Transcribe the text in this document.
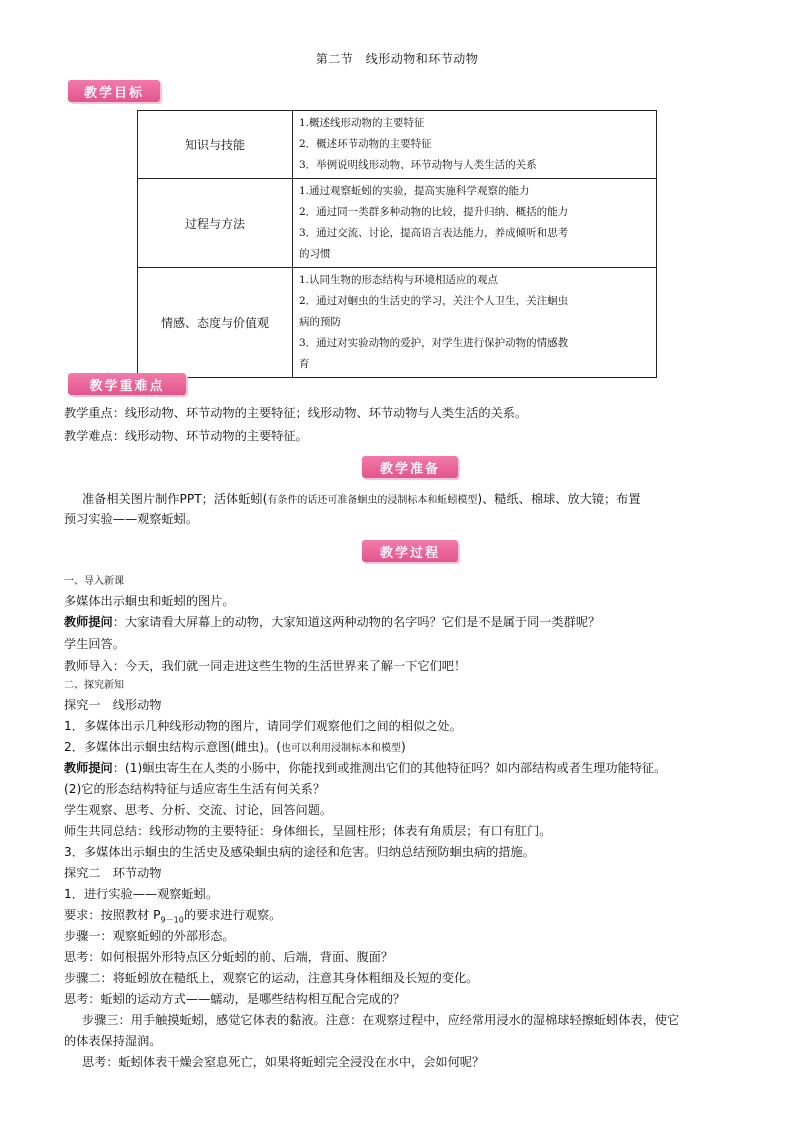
第二节　线形动物和环节动物
教学目标
知识与技能	1.概述线形动物的主要特征
2．概述环节动物的主要特征
3．举例说明线形动物、环节动物与人类生活的关系

过程与方法	1.通过观察蚯蚓的实验，提高实施科学观察的能力
2．通过同一类群多种动物的比较，提升归纳、概括的能力
3．通过交流、讨论，提高语言表达能力，养成倾听和思考
的习惯

情感、态度与价值观	1.认同生物的形态结构与环境相适应的观点
2．通过对蛔虫的生活史的学习，关注个人卫生，关注蛔虫
病的预防
3．通过对实验动物的爱护，对学生进行保护动物的情感教
育
教学重难点
教学重点：线形动物、环节动物的主要特征；线形动物、环节动物与人类生活的关系。
教学难点：线形动物、环节动物的主要特征。
教学准备
准备相关图片制作PPT；活体蚯蚓(有条件的话还可准备蛔虫的浸制标本和蚯蚓模型)、糙纸、棉球、放大镜；布置
预习实验——观察蚯蚓。
教学过程
一、导入新课
多媒体出示蛔虫和蚯蚓的图片。
教师提问：大家请看大屏幕上的动物，大家知道这两种动物的名字吗？它们是不是属于同一类群呢？
学生回答。
教师导入：今天，我们就一同走进这些生物的生活世界来了解一下它们吧！
二、探究新知
探究一　线形动物
1．多媒体出示几种线形动物的图片，请同学们观察他们之间的相似之处。
2．多媒体出示蛔虫结构示意图(雌虫)。(也可以利用浸制标本和模型)
教师提问：(1)蛔虫寄生在人类的小肠中，你能找到或推测出它们的其他特征吗？如内部结构或者生理功能特征。
(2)它的形态结构特征与适应寄生生活有何关系？
学生观察、思考、分析、交流、讨论，回答问题。
师生共同总结：线形动物的主要特征：身体细长，呈圆柱形；体表有角质层；有口有肛门。
3．多媒体出示蛔虫的生活史及感染蛔虫病的途径和危害。归纳总结预防蛔虫病的措施。
探究二　环节动物
1．进行实验——观察蚯蚓。
要求：按照教材 $P_{9-10}$的要求进行观察。
步骤一：观察蚯蚓的外部形态。
思考：如何根据外形特点区分蚯蚓的前、后端，背面、腹面？
步骤二：将蚯蚓放在糙纸上，观察它的运动，注意其身体粗细及长短的变化。
思考：蚯蚓的运动方式——蠕动，是哪些结构相互配合完成的？
步骤三：用手触摸蚯蚓，感觉它体表的黏液。注意：在观察过程中，应经常用浸水的湿棉球轻擦蚯蚓体表，使它
的体表保持湿润。
思考：蚯蚓体表干燥会窒息死亡，如果将蚯蚓完全浸没在水中，会如何呢？
